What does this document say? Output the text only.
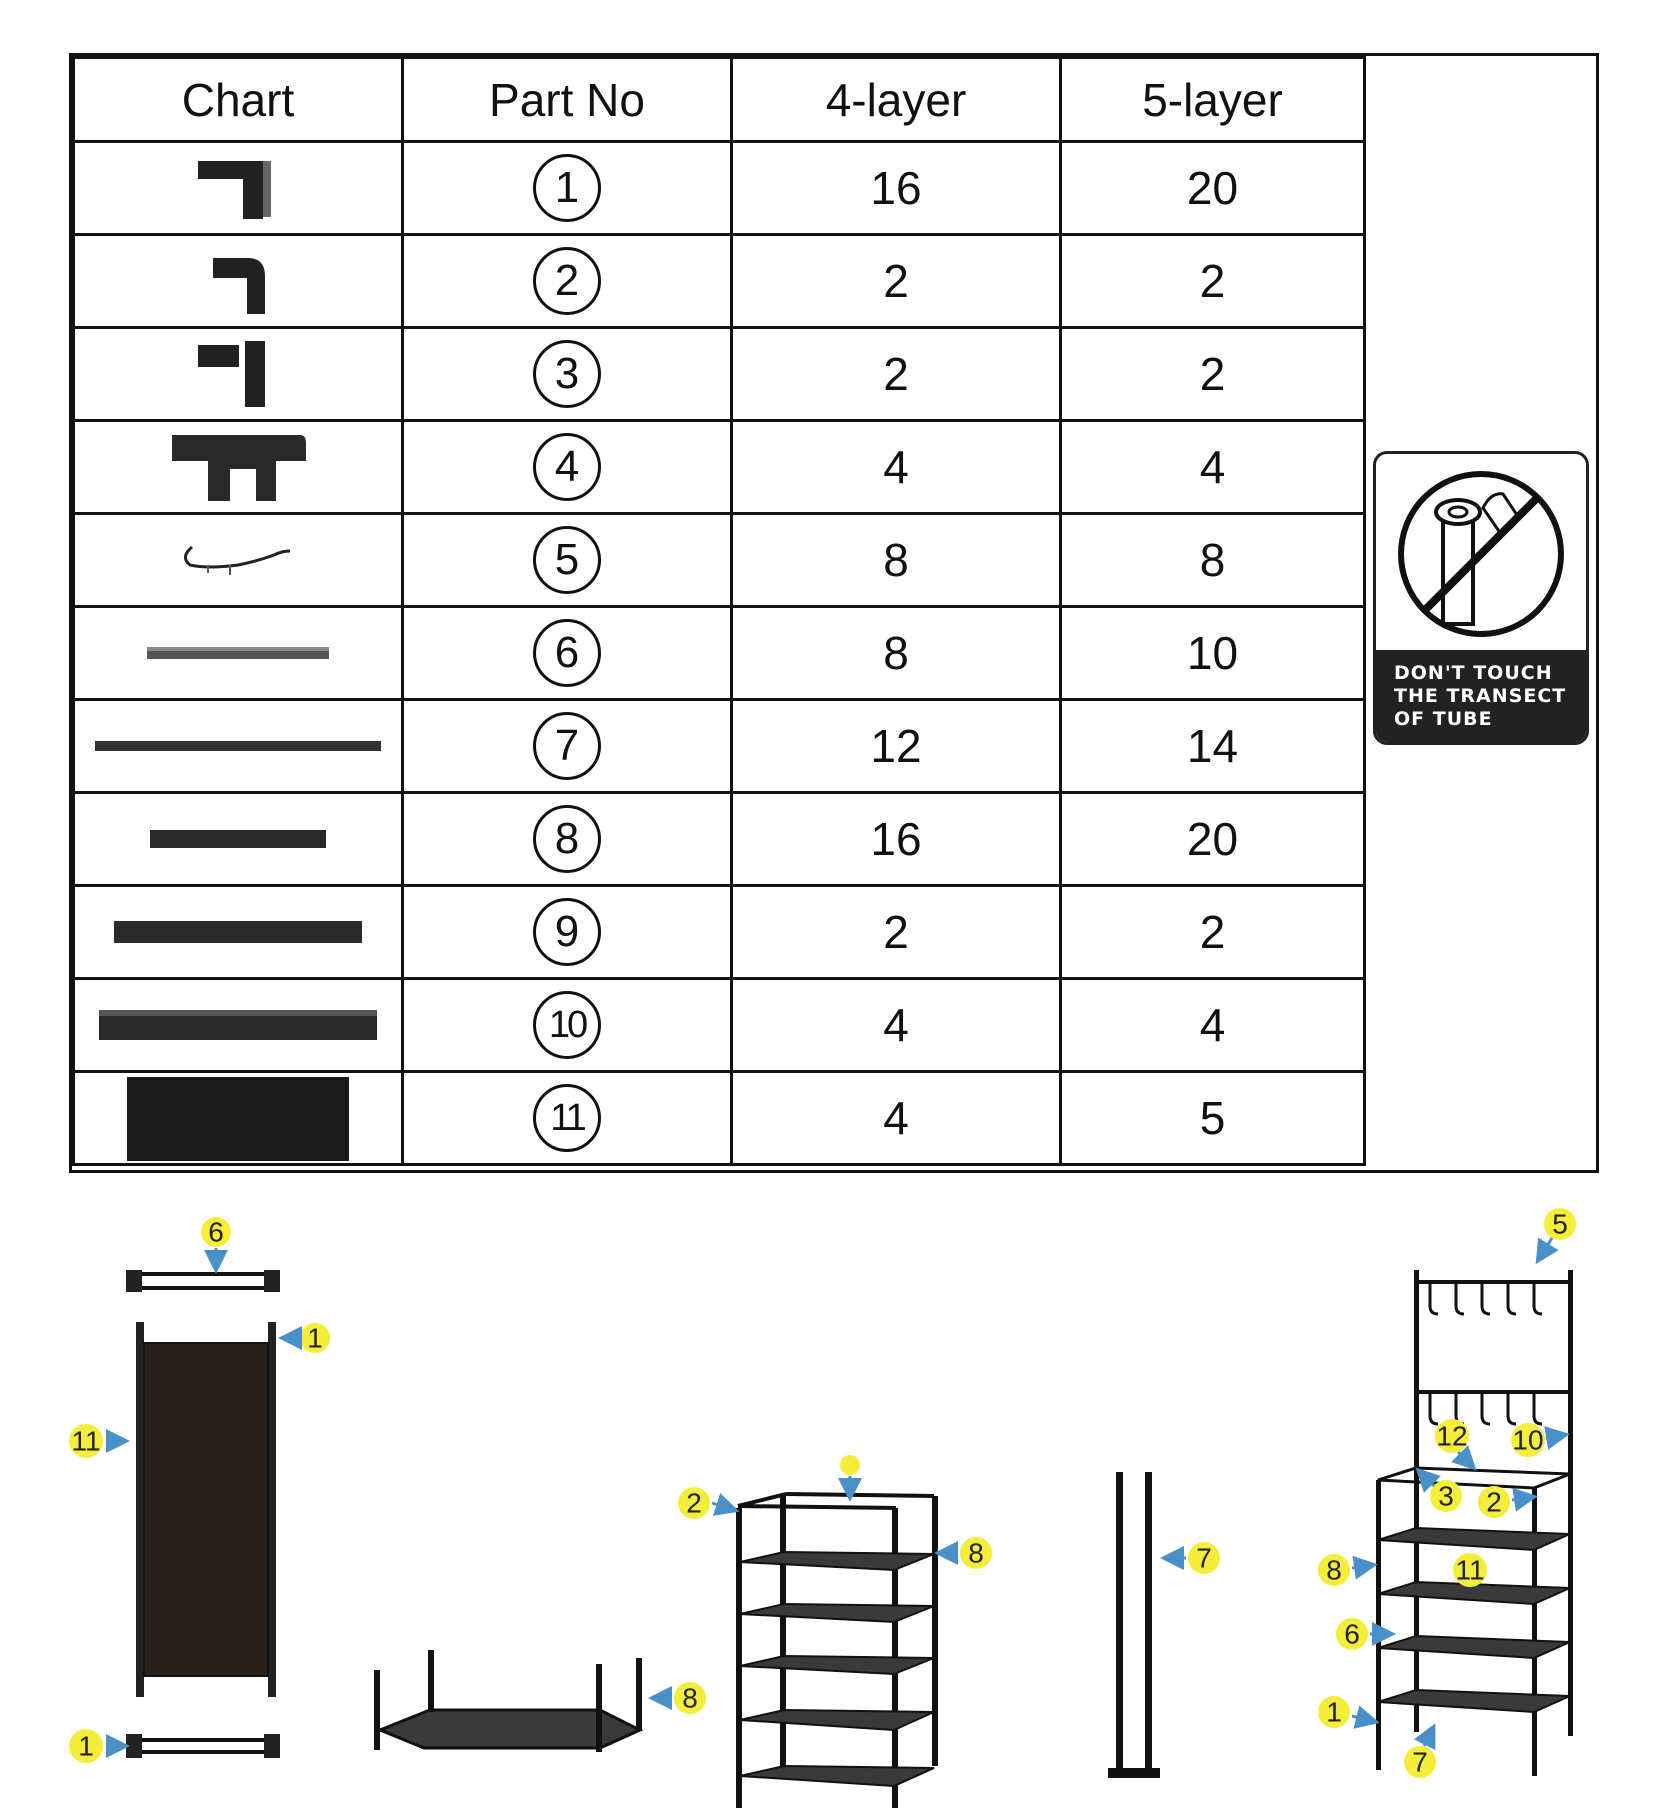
Chart	Part No	4-layer	5-layer

	1	16	20

	2	2	2

	3	2	2

	4	4	4

	5	8	8

	6	8	10

	7	12	14

	8	16	20

	9	2	2

	10	4	4

	11	4	5
DON'T TOUCH
THE TRANSECT
OF TUBE
6
1
11
1
8
2
8	7
5
12 10
3 2
11
8
6
1
7
